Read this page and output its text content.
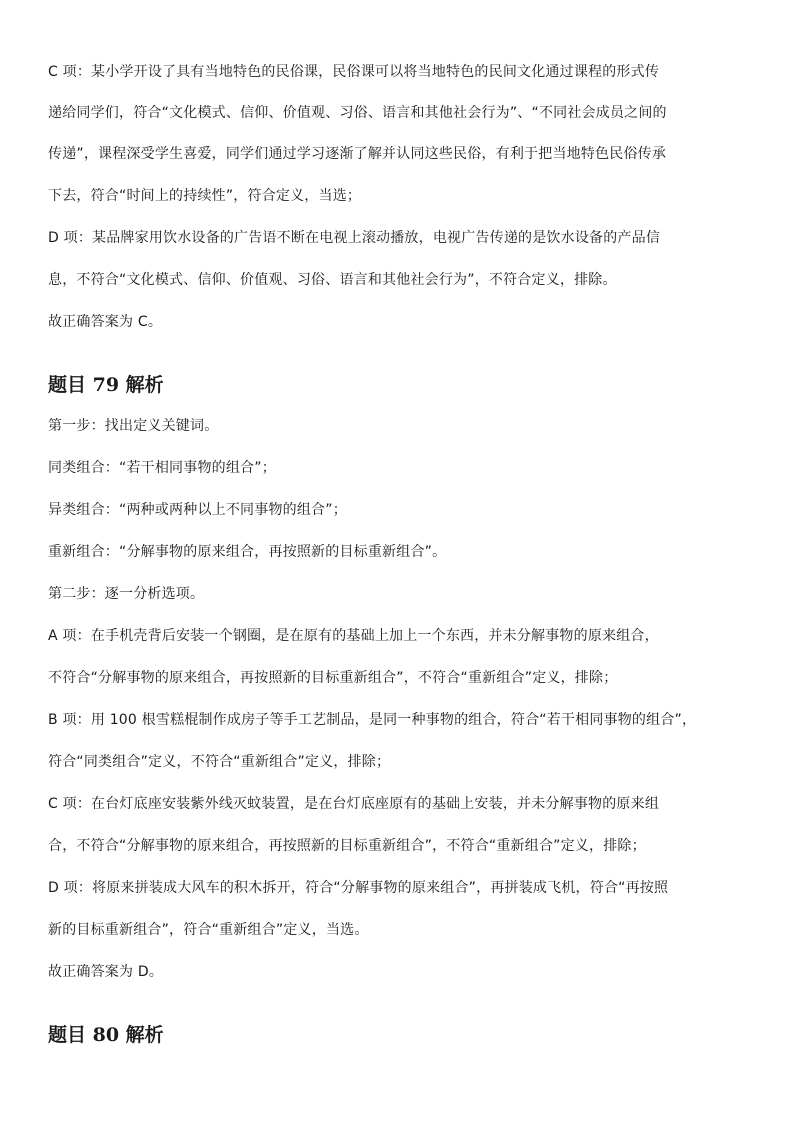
C 项：某小学开设了具有当地特色的民俗课，民俗课可以将当地特色的民间文化通过课程的形式传
递给同学们，符合“文化模式、信仰、价值观、习俗、语言和其他社会行为”、“不同社会成员之间的
传递”，课程深受学生喜爱，同学们通过学习逐渐了解并认同这些民俗，有利于把当地特色民俗传承
下去，符合“时间上的持续性”，符合定义，当选；
D 项：某品牌家用饮水设备的广告语不断在电视上滚动播放，电视广告传递的是饮水设备的产品信
息，不符合“文化模式、信仰、价值观、习俗、语言和其他社会行为”，不符合定义，排除。
故正确答案为 C。
题目 79 解析
第一步：找出定义关键词。
同类组合：“若干相同事物的组合”；
异类组合：“两种或两种以上不同事物的组合”；
重新组合：“分解事物的原来组合，再按照新的目标重新组合”。
第二步：逐一分析选项。
A 项：在手机壳背后安装一个钢圈，是在原有的基础上加上一个东西，并未分解事物的原来组合，
不符合“分解事物的原来组合，再按照新的目标重新组合”，不符合“重新组合”定义，排除；
B 项：用 100 根雪糕棍制作成房子等手工艺制品，是同一种事物的组合，符合“若干相同事物的组合”，
符合“同类组合”定义，不符合“重新组合”定义，排除；
C 项：在台灯底座安装紫外线灭蚊装置，是在台灯底座原有的基础上安装，并未分解事物的原来组
合，不符合“分解事物的原来组合，再按照新的目标重新组合”，不符合“重新组合”定义，排除；
D 项：将原来拼装成大风车的积木拆开，符合“分解事物的原来组合”，再拼装成飞机，符合“再按照
新的目标重新组合”，符合“重新组合”定义，当选。
故正确答案为 D。
题目 80 解析
